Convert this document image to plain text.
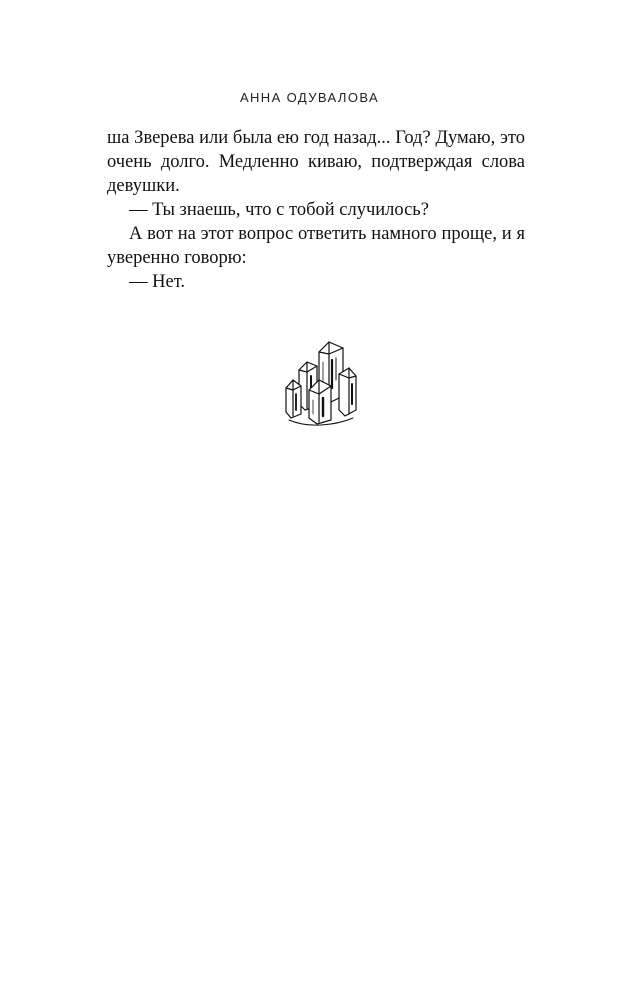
АННА ОДУВАЛОВА

ша Зверева или была ею год назад... Год? Думаю, это очень долго. Медленно киваю, подтверждая слова девушки.

— Ты знаешь, что с тобой случилось?

А вот на этот вопрос ответить намного проще, и я уверенно говорю:

— Нет.
